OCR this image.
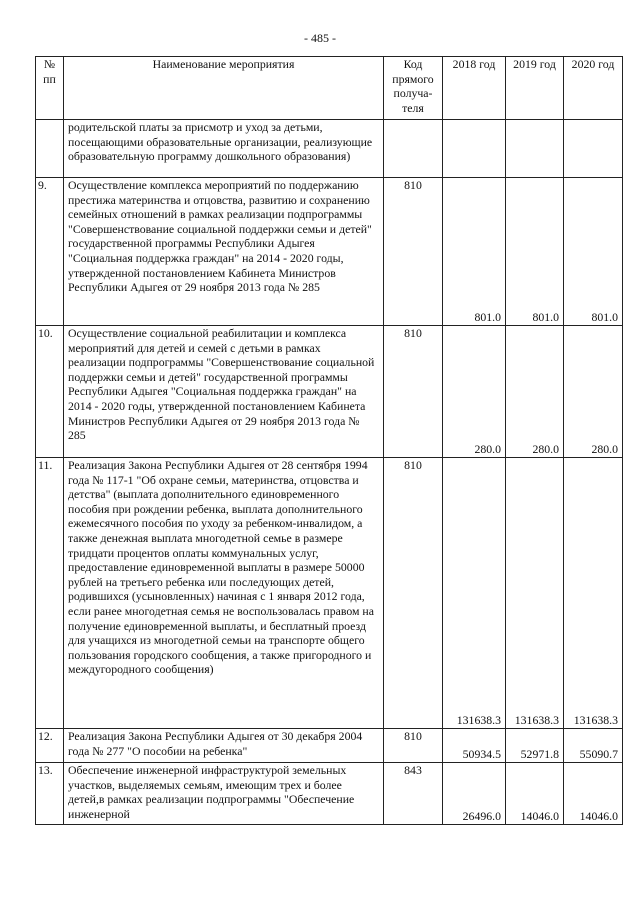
- 485 -
№
пп	Наименование мероприятия	Код
прямого
получа-
теля	2018 год	2019 год	2020 год
	родительской платы за присмотр и уход за детьми, посещающими образовательные организации, реализующие образовательную программу дошкольного образования)				
9.	Осуществление комплекса мероприятий по поддержанию престижа материнства и отцовства, развитию и сохранению семейных отношений в рамках реализации подпрограммы "Совершенствование социальной поддержки семьи и детей" государственной программы Республики Адыгея "Социальная поддержка граждан" на 2014 - 2020 годы, утвержденной постановлением Кабинета Министров Республики Адыгея от 29 ноября 2013 года № 285	810	801.0	801.0	801.0
10.	Осуществление социальной реабилитации и комплекса мероприятий для детей и семей с детьми в рамках реализации подпрограммы "Совершенствование социальной поддержки семьи и детей" государственной программы Республики Адыгея "Социальная поддержка граждан" на 2014 - 2020 годы, утвержденной постановлением Кабинета Министров Республики Адыгея от 29 ноября 2013 года № 285	810	280.0	280.0	280.0
11.	Реализация Закона Республики Адыгея от 28 сентября 1994 года № 117-1 "Об охране семьи, материнства, отцовства и детства" (выплата дополнительного единовременного пособия при рождении ребенка, выплата дополнительного ежемесячного пособия по уходу за ребенком-инвалидом, а также денежная выплата многодетной семье в размере тридцати процентов оплаты коммунальных услуг, предоставление единовременной выплаты в размере 50000 рублей на третьего ребенка или последующих детей, родившихся (усыновленных) начиная с 1 января 2012 года, если ранее многодетная семья не воспользовалась правом на получение единовременной выплаты, и бесплатный проезд для учащихся из многодетной семьи на транспорте общего пользования городского сообщения, а также пригородного и междугородного сообщения)	810	131638.3	131638.3	131638.3
12.	Реализация Закона Республики Адыгея от 30 декабря 2004 года № 277 "О пособии на ребенка"	810	50934.5	52971.8	55090.7
13.	Обеспечение инженерной инфраструктурой земельных участков, выделяемых семьям, имеющим трех и более детей,в рамках реализации подпрограммы "Обеспечение инженерной	843	26496.0	14046.0	14046.0
